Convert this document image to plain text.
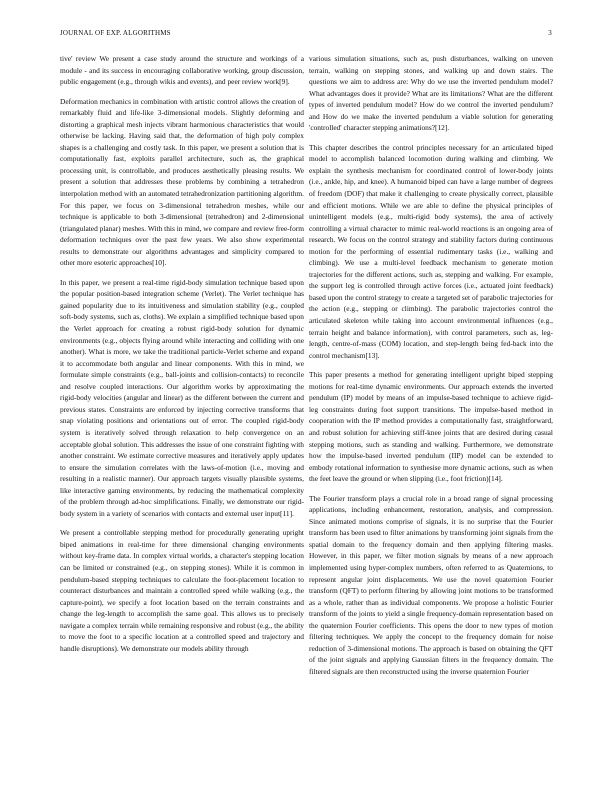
JOURNAL OF EXP. ALGORITHMS	3

tive' review We present a case study around the structure and workings of a module - and its success in encouraging collaborative working, group discussion, public engagement (e.g., through wikis and events), and peer review work[9].

Deformation mechanics in combination with artistic control allows the creation of remarkably fluid and life-like 3-dimensional models. Slightly deforming and distorting a graphical mesh injects vibrant harmonious characteristics that would otherwise be lacking. Having said that, the deformation of high poly complex shapes is a challenging and costly task. In this paper, we present a solution that is computationally fast, exploits parallel architecture, such as, the graphical processing unit, is controllable, and produces aesthetically pleasing results. We present a solution that addresses these problems by combining a tetrahedron interpolation method with an automated tetrahedronization partitioning algorithm. For this paper, we focus on 3-dimensional tetrahedron meshes, while our technique is applicable to both 3-dimensional (tetrahedron) and 2-dimensional (triangulated planar) meshes. With this in mind, we compare and review free-form deformation techniques over the past few years. We also show experimental results to demonstrate our algorithms advantages and simplicity compared to other more esoteric approaches[10].

In this paper, we present a real-time rigid-body simulation technique based upon the popular position-based integration scheme (Verlet). The Verlet technique has gained popularity due to its intuitiveness and simulation stability (e.g., coupled soft-body systems, such as, cloths). We explain a simplified technique based upon the Verlet approach for creating a robust rigid-body solution for dynamic environments (e.g., objects flying around while interacting and colliding with one another). What is more, we take the traditional particle-Verlet scheme and expand it to accommodate both angular and linear components. With this in mind, we formulate simple constraints (e.g., ball-joints and collision-contacts) to reconcile and resolve coupled interactions. Our algorithm works by approximating the rigid-body velocities (angular and linear) as the different between the current and previous states. Constraints are enforced by injecting corrective transforms that snap violating positions and orientations out of error. The coupled rigid-body system is iteratively solved through relaxation to help convergence on an acceptable global solution. This addresses the issue of one constraint fighting with another constraint. We estimate corrective measures and iteratively apply updates to ensure the simulation correlates with the laws-of-motion (i.e., moving and resulting in a realistic manner). Our approach targets visually plausible systems, like interactive gaming environments, by reducing the mathematical complexity of the problem through ad-hoc simplifications. Finally, we demonstrate our rigid-body system in a variety of scenarios with contacts and external user input[11].

We present a controllable stepping method for procedurally generating upright biped animations in real-time for three dimensional changing environments without key-frame data. In complex virtual worlds, a character's stepping location can be limited or constrained (e.g., on stepping stones). While it is common in pendulum-based stepping techniques to calculate the foot-placement location to counteract disturbances and maintain a controlled speed while walking (e.g., the capture-point), we specify a foot location based on the terrain constraints and change the leg-length to accomplish the same goal. This allows us to precisely navigate a complex terrain while remaining responsive and robust (e.g., the ability to move the foot to a specific location at a controlled speed and trajectory and handle disruptions). We demonstrate our models ability through

various simulation situations, such as, push disturbances, walking on uneven terrain, walking on stepping stones, and walking up and down stairs. The questions we aim to address are: Why do we use the inverted pendulum model? What advantages does it provide? What are its limitations? What are the different types of inverted pendulum model? How do we control the inverted pendulum? and How do we make the inverted pendulum a viable solution for generating 'controlled' character stepping animations?[12].

This chapter describes the control principles necessary for an articulated biped model to accomplish balanced locomotion during walking and climbing. We explain the synthesis mechanism for coordinated control of lower-body joints (i.e., ankle, hip, and knee). A humanoid biped can have a large number of degrees of freedom (DOF) that make it challenging to create physically correct, plausible and efficient motions. While we are able to define the physical principles of unintelligent models (e.g., multi-rigid body systems), the area of actively controlling a virtual character to mimic real-world reactions is an ongoing area of research. We focus on the control strategy and stability factors during continuous motion for the performing of essential rudimentary tasks (i.e., walking and climbing). We use a multi-level feedback mechanism to generate motion trajectories for the different actions, such as, stepping and walking. For example, the support leg is controlled through active forces (i.e., actuated joint feedback) based upon the control strategy to create a targeted set of parabolic trajectories for the action (e.g., stepping or climbing). The parabolic trajectories control the articulated skeleton while taking into account environmental influences (e.g., terrain height and balance information), with control parameters, such as, leg-length, centre-of-mass (COM) location, and step-length being fed-back into the control mechanism[13].

This paper presents a method for generating intelligent upright biped stepping motions for real-time dynamic environments. Our approach extends the inverted pendulum (IP) model by means of an impulse-based technique to achieve rigid-leg constraints during foot support transitions. The impulse-based method in cooperation with the IP method provides a computationally fast, straightforward, and robust solution for achieving stiff-knee joints that are desired during casual stepping motions, such as standing and walking. Furthermore, we demonstrate how the impulse-based inverted pendulum (IIP) model can be extended to embody rotational information to synthesise more dynamic actions, such as when the feet leave the ground or when slipping (i.e., foot friction)[14].

The Fourier transform plays a crucial role in a broad range of signal processing applications, including enhancement, restoration, analysis, and compression. Since animated motions comprise of signals, it is no surprise that the Fourier transform has been used to filter animations by transforming joint signals from the spatial domain to the frequency domain and then applying filtering masks. However, in this paper, we filter motion signals by means of a new approach implemented using hyper-complex numbers, often referred to as Quaternions, to represent angular joint displacements. We use the novel quaternion Fourier transform (QFT) to perform filtering by allowing joint motions to be transformed as a whole, rather than as individual components. We propose a holistic Fourier transform of the joints to yield a single frequency-domain representation based on the quaternion Fourier coefficients. This opens the door to new types of motion filtering techniques. We apply the concept to the frequency domain for noise reduction of 3-dimensional motions. The approach is based on obtaining the QFT of the joint signals and applying Gaussian filters in the frequency domain. The filtered signals are then reconstructed using the inverse quaternion Fourier
